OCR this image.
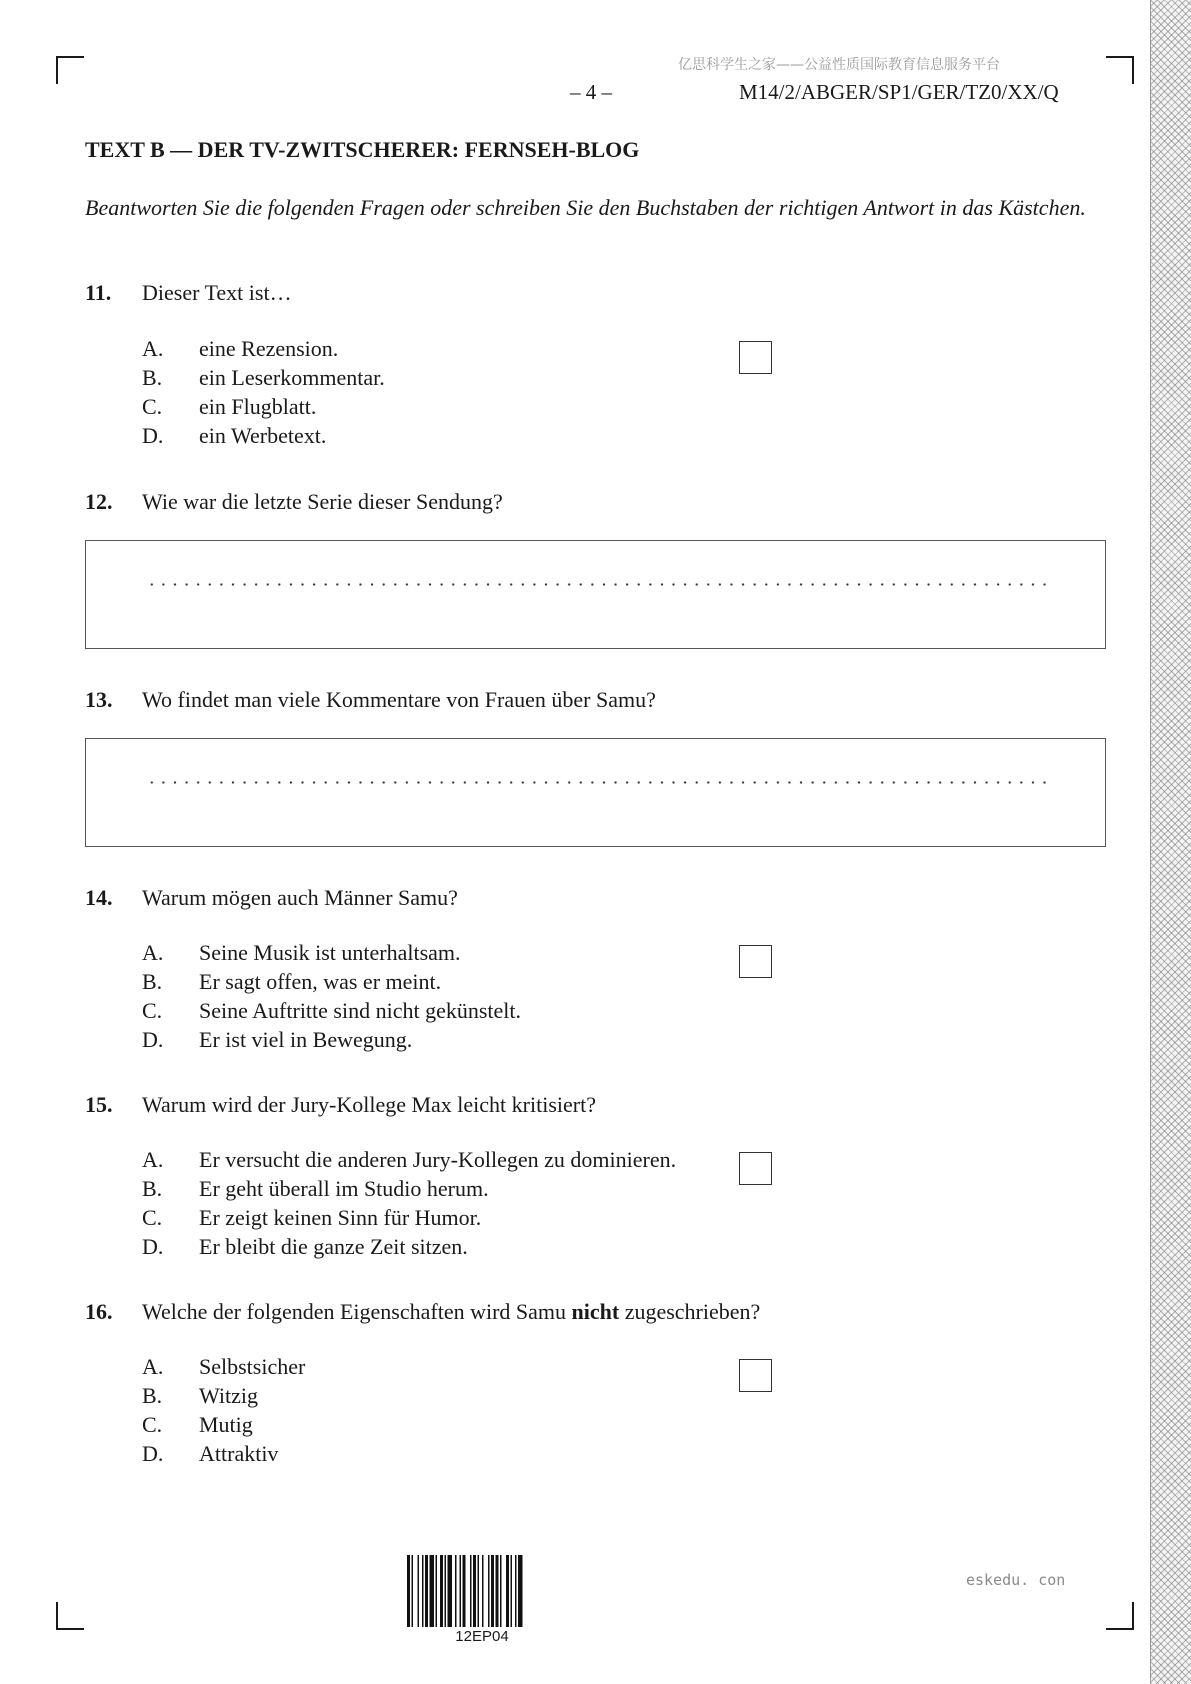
亿思科学生之家——公益性质国际教育信息服务平台
– 4 –	M14/2/ABGER/SP1/GER/TZ0/XX/Q
TEXT B — DER TV-ZWITSCHERER: FERNSEH-BLOG
Beantworten Sie die folgenden Fragen oder schreiben Sie den Buchstaben der richtigen Antwort in das Kästchen.
11. Dieser Text ist…
A. eine Rezension.
B. ein Leserkommentar.
C. ein Flugblatt.
D. ein Werbetext.
12. Wie war die letzte Serie dieser Sendung?
13. Wo findet man viele Kommentare von Frauen über Samu?
14. Warum mögen auch Männer Samu?
A. Seine Musik ist unterhaltsam.
B. Er sagt offen, was er meint.
C. Seine Auftritte sind nicht gekünstelt.
D. Er ist viel in Bewegung.
15. Warum wird der Jury-Kollege Max leicht kritisiert?
A. Er versucht die anderen Jury-Kollegen zu dominieren.
B. Er geht überall im Studio herum.
C. Er zeigt keinen Sinn für Humor.
D. Er bleibt die ganze Zeit sitzen.
16. Welche der folgenden Eigenschaften wird Samu nicht zugeschrieben?
A. Selbstsicher
B. Witzig
C. Mutig
D. Attraktiv
12EP04
eskedu. con
